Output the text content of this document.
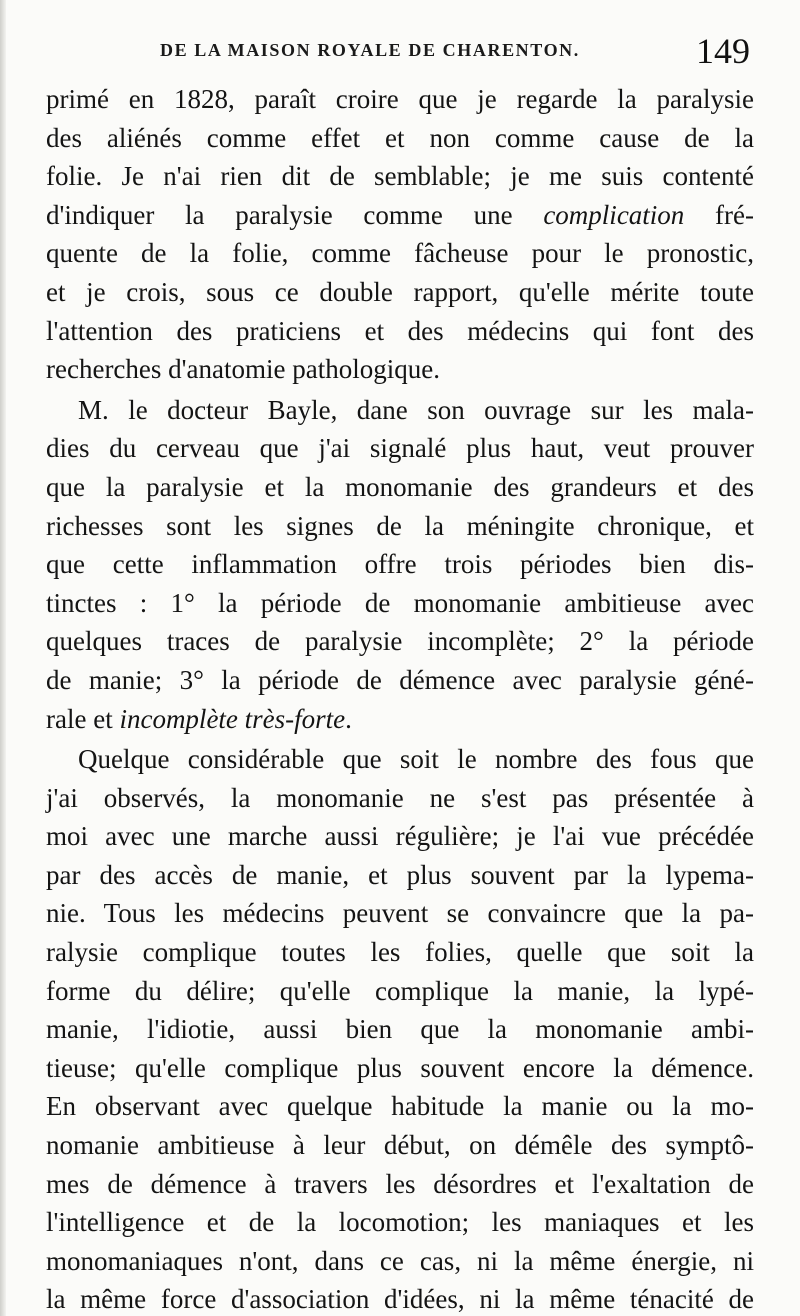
DE LA MAISON ROYALE DE CHARENTON.	149
primé en 1828, paraît croire que je regarde la paralysie
des aliénés comme effet et non comme cause de la
folie. Je n'ai rien dit de semblable; je me suis contenté
d'indiquer la paralysie comme une complication fré-
quente de la folie, comme fâcheuse pour le pronostic,
et je crois, sous ce double rapport, qu'elle mérite toute
l'attention des praticiens et des médecins qui font des
recherches d'anatomie pathologique.
M. le docteur Bayle, dane son ouvrage sur les mala-
dies du cerveau que j'ai signalé plus haut, veut prouver
que la paralysie et la monomanie des grandeurs et des
richesses sont les signes de la méningite chronique, et
que cette inflammation offre trois périodes bien dis-
tinctes : 1° la période de monomanie ambitieuse avec
quelques traces de paralysie incomplète; 2° la période
de manie; 3° la période de démence avec paralysie géné-
rale et incomplète très-forte.
Quelque considérable que soit le nombre des fous que
j'ai observés, la monomanie ne s'est pas présentée à
moi avec une marche aussi régulière; je l'ai vue précédée
par des accès de manie, et plus souvent par la lypema-
nie. Tous les médecins peuvent se convaincre que la pa-
ralysie complique toutes les folies, quelle que soit la
forme du délire; qu'elle complique la manie, la lypé-
manie, l'idiotie, aussi bien que la monomanie ambi-
tieuse; qu'elle complique plus souvent encore la démence.
En observant avec quelque habitude la manie ou la mo-
nomanie ambitieuse à leur début, on démêle des symptô-
mes de démence à travers les désordres et l'exaltation de
l'intelligence et de la locomotion; les maniaques et les
monomaniaques n'ont, dans ce cas, ni la même énergie, ni
la même force d'association d'idées, ni la même ténacité de
